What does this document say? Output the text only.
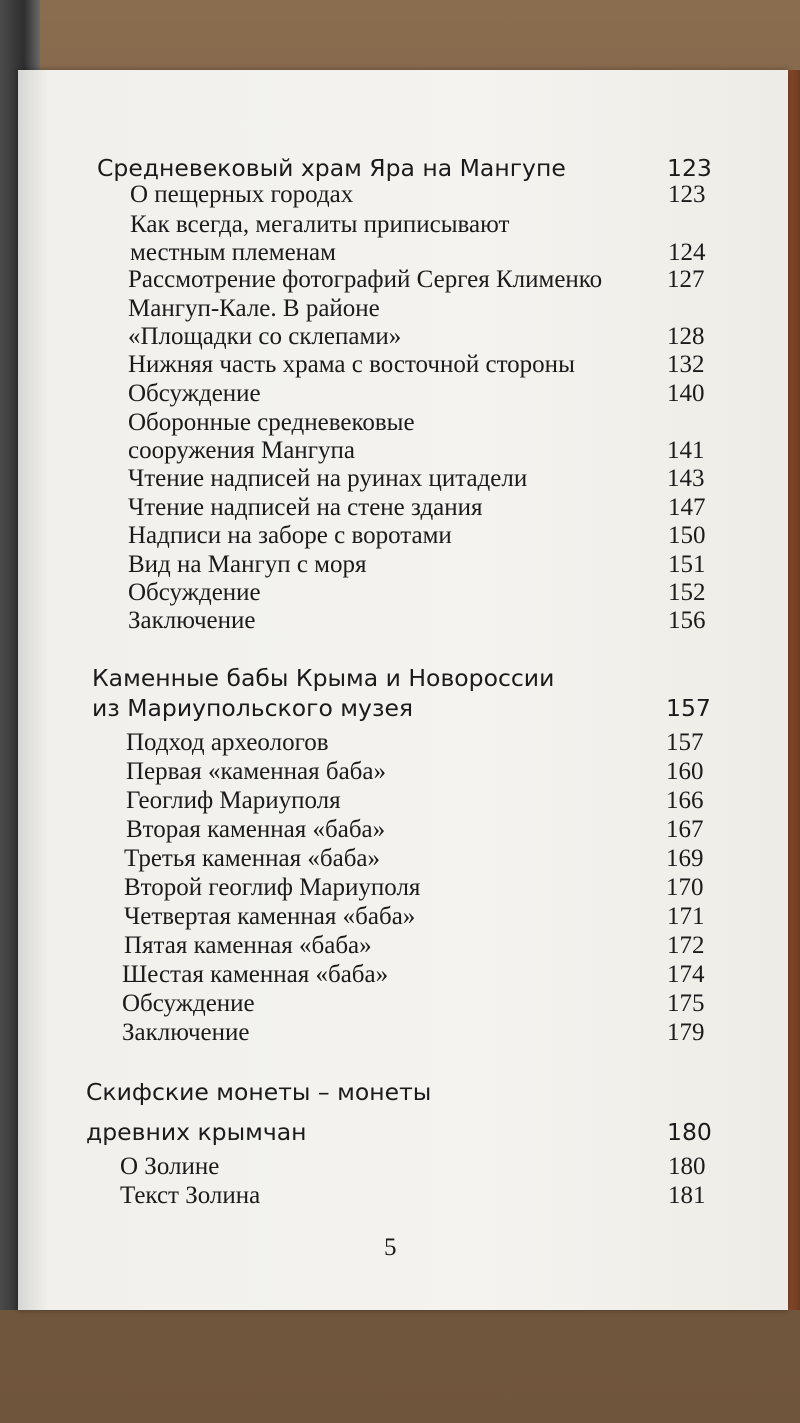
Средневековый храм Яра на Мангупе	123
О пещерных городах	123
Как всегда, мегалиты приписывают
местным племенам	124
Рассмотрение фотографий Сергея Клименко	127
Мангуп-Кале. В районе
«Площадки со склепами»	128
Нижняя часть храма с восточной стороны	132
Обсуждение	140
Оборонные средневековые
сооружения Мангупа	141
Чтение надписей на руинах цитадели	143
Чтение надписей на стене здания	147
Надписи на заборе с воротами	150
Вид на Мангуп с моря	151
Обсуждение	152
Заключение	156
Каменные бабы Крыма и Новороссии
из Мариупольского музея	157
Подход археологов	157
Первая «каменная баба»	160
Геоглиф Мариуполя	166
Вторая каменная «баба»	167
Третья каменная «баба»	169
Второй геоглиф Мариуполя	170
Четвертая каменная «баба»	171
Пятая каменная «баба»	172
Шестая каменная «баба»	174
Обсуждение	175
Заключение	179
Скифские монеты – монеты
древних крымчан	180
О Золине	180
Текст Золина	181
5
